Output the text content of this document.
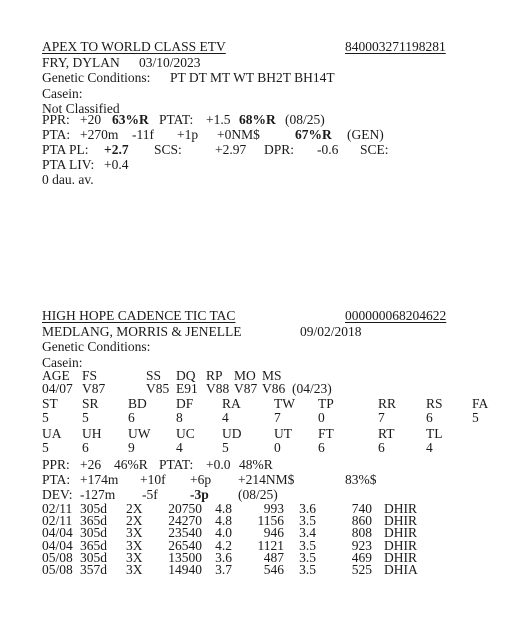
APEX TO WORLD CLASS ETV	840003271198281
FRY, DYLAN 03/10/2023
Genetic Conditions: PT DT MT WT BH2T BH14T
Casein:
Not Classified
PPR: +20 63%R PTAT: +1.5 68%R (08/25)
PTA: +270m -11f +1p +0NM$	67%R (GEN)
PTA PL: +2.7 SCS: +2.97 DPR: -0.6 SCE:
PTA LIV: +0.4
0 dau. av.
HIGH HOPE CADENCE TIC TAC	000000068204622
MEDLANG, MORRIS & JENELLE	09/02/2018
Genetic Conditions:
Casein:
AGE FS	SS DQ RP MO MS
04/07 V87	V85 E91 V88 V87 V86 (04/23)
ST SR BD DF RA TW TP	RR RS FA
5 5	6	8	4	7	0	7	6	5
UA UH UW UC UD UT FT	RT TL
5 6	9	4	5	0	6	6	4
PPR: +26 46%R PTAT: +0.0 48%R
PTA: +174m +10f +6p +214NM$	83%$
DEV: -127m -5f -3p (08/25)
02/11 305d	2X	20750 4.8	993	3.6	740 DHIR
02/11 365d	2X	24270 4.8	1156	3.5	860 DHIR
04/04 305d	3X	23540 4.0	946	3.4	808 DHIR
04/04 365d	3X	26540 4.2	1121	3.5	923 DHIR
05/08 305d	3X	13500 3.6	487	3.5	469 DHIR
05/08 357d	3X	14940 3.7	546	3.5	525 DHIA
